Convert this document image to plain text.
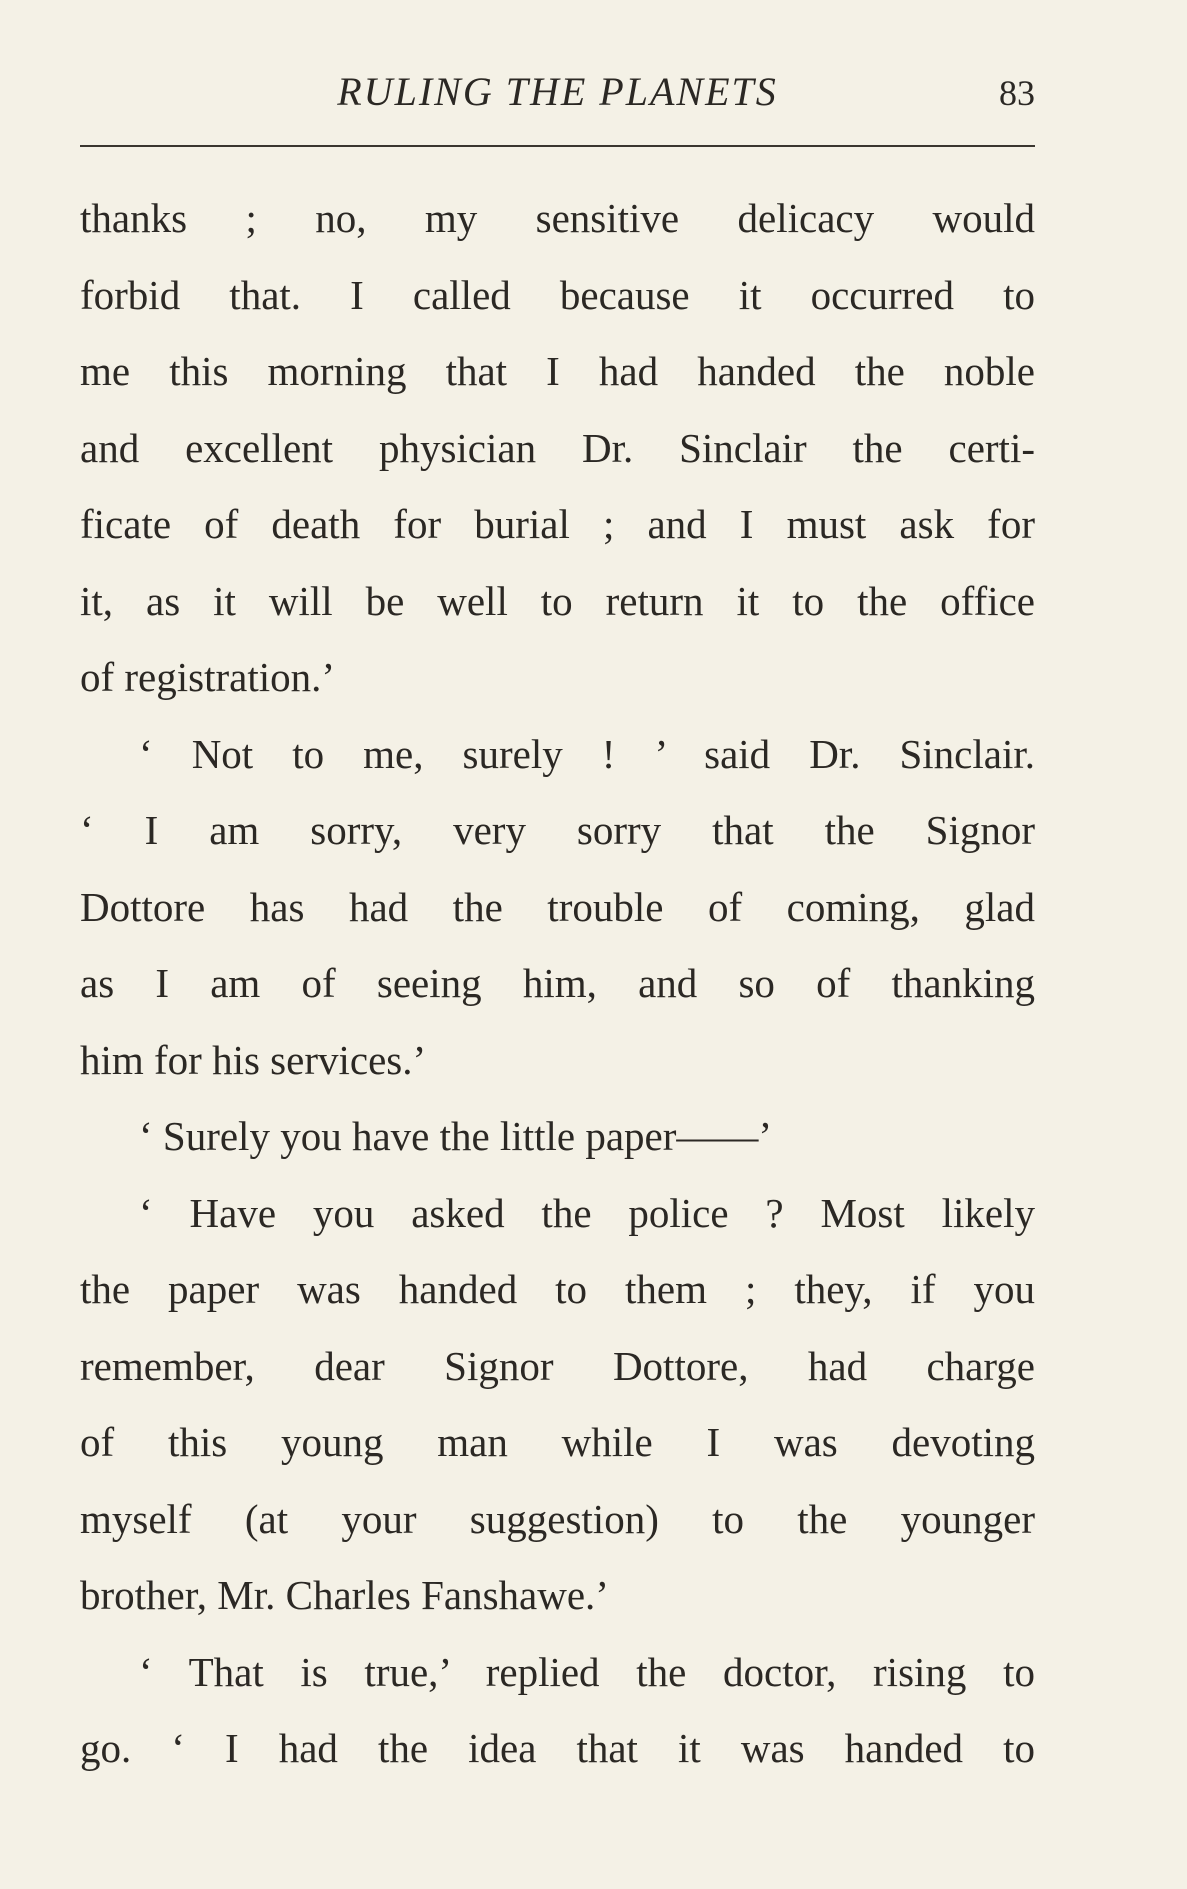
RULING THE PLANETS	83
thanks ; no, my sensitive delicacy would
forbid that. I called because it occurred to
me this morning that I had handed the noble
and excellent physician Dr. Sinclair the certi-
ficate of death for burial ; and I must ask for
it, as it will be well to return it to the office
of registration.’
‘ Not to me, surely ! ’ said Dr. Sinclair.
‘ I am sorry, very sorry that the Signor
Dottore has had the trouble of coming, glad
as I am of seeing him, and so of thanking
him for his services.’
‘ Surely you have the little paper——’
‘ Have you asked the police ? Most likely
the paper was handed to them ; they, if you
remember, dear Signor Dottore, had charge
of this young man while I was devoting
myself (at your suggestion) to the younger
brother, Mr. Charles Fanshawe.’
‘ That is true,’ replied the doctor, rising to
go. ‘ I had the idea that it was handed to
